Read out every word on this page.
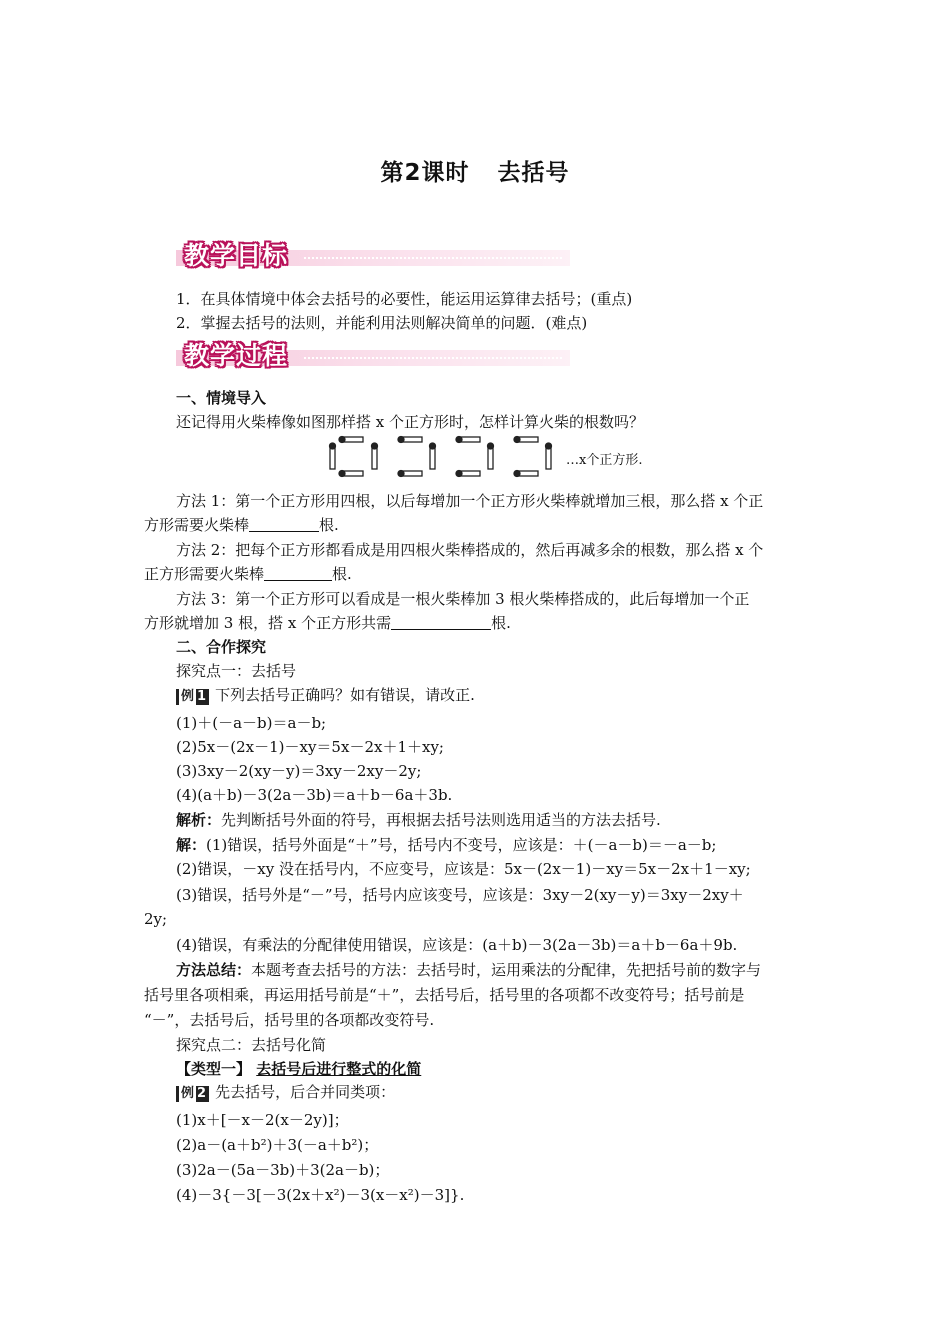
第2课时 去括号
教学目标
1．在具体情境中体会去括号的必要性，能运用运算律去括号；(重点)
2．掌握去括号的法则，并能利用法则解决简单的问题．(难点)
教学过程
一、情境导入
还记得用火柴棒像如图那样搭 x 个正方形时，怎样计算火柴的根数吗？
…x个正方形.
方法 1：第一个正方形用四根，以后每增加一个正方形火柴棒就增加三根，那么搭 x 个正
方形需要火柴棒	根.
方法 2：把每个正方形都看成是用四根火柴棒搭成的，然后再减多余的根数，那么搭 x 个
正方形需要火柴棒	根.
方法 3：第一个正方形可以看成是一根火柴棒加 3 根火柴棒搭成的，此后每增加一个正
方形就增加 3 根，搭 x 个正方形共需	根.
二、合作探究
探究点一：去括号
例 1 下列去括号正确吗？如有错误，请改正.
(1)＋(－a－b)＝a－b;
(2)5x－(2x－1)－xy＝5x－2x＋1＋xy;
(3)3xy－2(xy－y)＝3xy－2xy－2y;
(4)(a＋b)－3(2a－3b)＝a＋b－6a＋3b.
解析：先判断括号外面的符号，再根据去括号法则选用适当的方法去括号.
解：(1)错误，括号外面是“＋”号，括号内不变号，应该是：＋(－a－b)＝－a－b;
(2)错误，－xy 没在括号内，不应变号，应该是：5x－(2x－1)－xy＝5x－2x＋1－xy;
(3)错误，括号外是“－”号，括号内应该变号，应该是：3xy－2(xy－y)＝3xy－2xy＋
2y;
(4)错误，有乘法的分配律使用错误，应该是：(a＋b)－3(2a－3b)＝a＋b－6a＋9b.
方法总结：本题考查去括号的方法：去括号时，运用乘法的分配律，先把括号前的数字与
括号里各项相乘，再运用括号前是“＋”，去括号后，括号里的各项都不改变符号；括号前是
“－”，去括号后，括号里的各项都改变符号.
探究点二：去括号化简
【类型一】 去括号后进行整式的化简
例 2 先去括号，后合并同类项：
(1)x＋[－x－2(x－2y)]；
(2)a－(a＋b²)＋3(－a＋b²)；
(3)2a－(5a－3b)＋3(2a－b)；
(4)－3{－3[－3(2x＋x²)－3(x－x²)－3]}.
